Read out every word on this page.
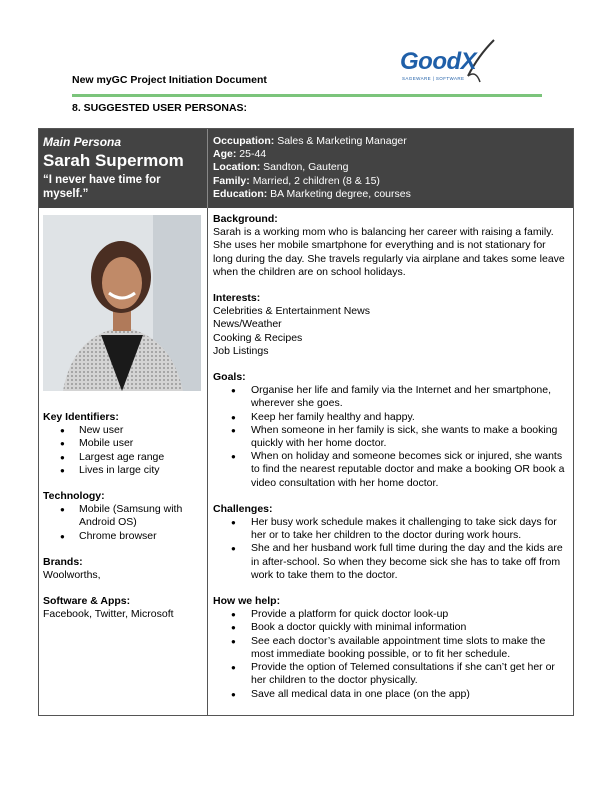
New myGC Project Initiation Document
GoodX
SAGEWARE | SOFTWARE
8. SUGGESTED USER PERSONAS:
Main Persona
Sarah Supermom
“I never have time for myself.”
Occupation: Sales & Marketing Manager
Age: 25-44
Location: Sandton, Gauteng
Family: Married, 2 children (8 & 15)
Education: BA Marketing degree, courses
Key Identifiers:
● New user
● Mobile user
● Largest age range
● Lives in large city
Technology:
● Mobile (Samsung with Android OS)
● Chrome browser
Brands:
Woolworths,
Software & Apps:
Facebook, Twitter, Microsoft
Background:
Sarah is a working mom who is balancing her career with raising a family. She uses her mobile smartphone for everything and is not stationary for long during the day. She travels regularly via airplane and takes some leave when the children are on school holidays.
Interests:
Celebrities & Entertainment News
News/Weather
Cooking & Recipes
Job Listings
Goals:
● Organise her life and family via the Internet and her smartphone, wherever she goes.
● Keep her family healthy and happy.
● When someone in her family is sick, she wants to make a booking quickly with her home doctor.
● When on holiday and someone becomes sick or injured, she wants to find the nearest reputable doctor and make a booking OR book a video consultation with her home doctor.
Challenges:
● Her busy work schedule makes it challenging to take sick days for her or to take her children to the doctor during work hours.
● She and her husband work full time during the day and the kids are in after-school. So when they become sick she has to take off from work to take them to the doctor.
How we help:
● Provide a platform for quick doctor look-up
● Book a doctor quickly with minimal information
● See each doctor’s available appointment time slots to make the most immediate booking possible, or to fit her schedule.
● Provide the option of Telemed consultations if she can’t get her or her children to the doctor physically.
● Save all medical data in one place (on the app)
